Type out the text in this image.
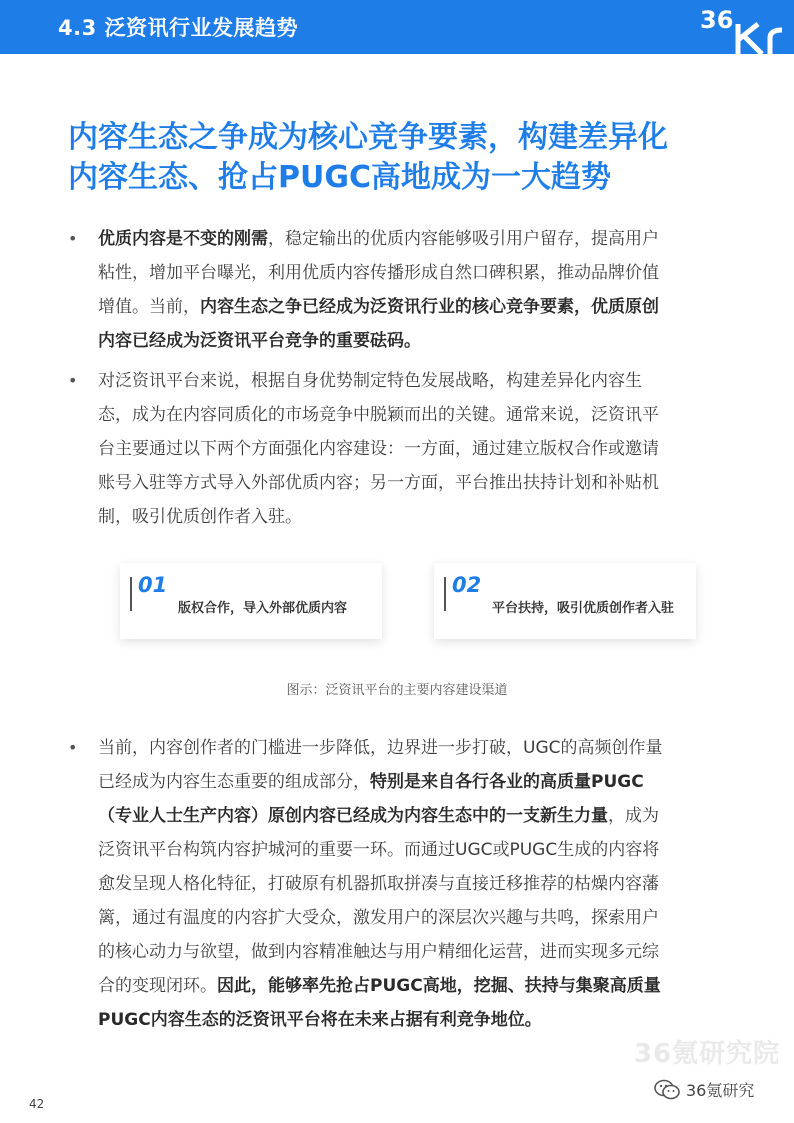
4.3 泛资讯行业发展趋势	36
内容生态之争成为核心竞争要素，构建差异化
内容生态、抢占PUGC高地成为一大趋势
• 优质内容是不变的刚需，稳定输出的优质内容能够吸引用户留存，提高用户
粘性，增加平台曝光，利用优质内容传播形成自然口碑积累，推动品牌价值
增值。当前，内容生态之争已经成为泛资讯行业的核心竞争要素，优质原创
内容已经成为泛资讯平台竞争的重要砝码。
• 对泛资讯平台来说，根据自身优势制定特色发展战略，构建差异化内容生
态，成为在内容同质化的市场竞争中脱颖而出的关键。通常来说，泛资讯平
台主要通过以下两个方面强化内容建设：一方面，通过建立版权合作或邀请
账号入驻等方式导入外部优质内容；另一方面，平台推出扶持计划和补贴机
制，吸引优质创作者入驻。
01
版权合作，导入外部优质内容
02
平台扶持，吸引优质创作者入驻
图示：泛资讯平台的主要内容建设渠道
• 当前，内容创作者的门槛进一步降低，边界进一步打破，UGC的高频创作量
已经成为内容生态重要的组成部分，特别是来自各行各业的高质量PUGC
（专业人士生产内容）原创内容已经成为内容生态中的一支新生力量，成为
泛资讯平台构筑内容护城河的重要一环。而通过UGC或PUGC生成的内容将
愈发呈现人格化特征，打破原有机器抓取拼凑与直接迁移推荐的枯燥内容藩
篱，通过有温度的内容扩大受众，激发用户的深层次兴趣与共鸣，探索用户
的核心动力与欲望，做到内容精准触达与用户精细化运营，进而实现多元综
合的变现闭环。因此，能够率先抢占PUGC高地，挖掘、扶持与集聚高质量
PUGC内容生态的泛资讯平台将在未来占据有利竞争地位。
36氪研究院
36氪研究
42
